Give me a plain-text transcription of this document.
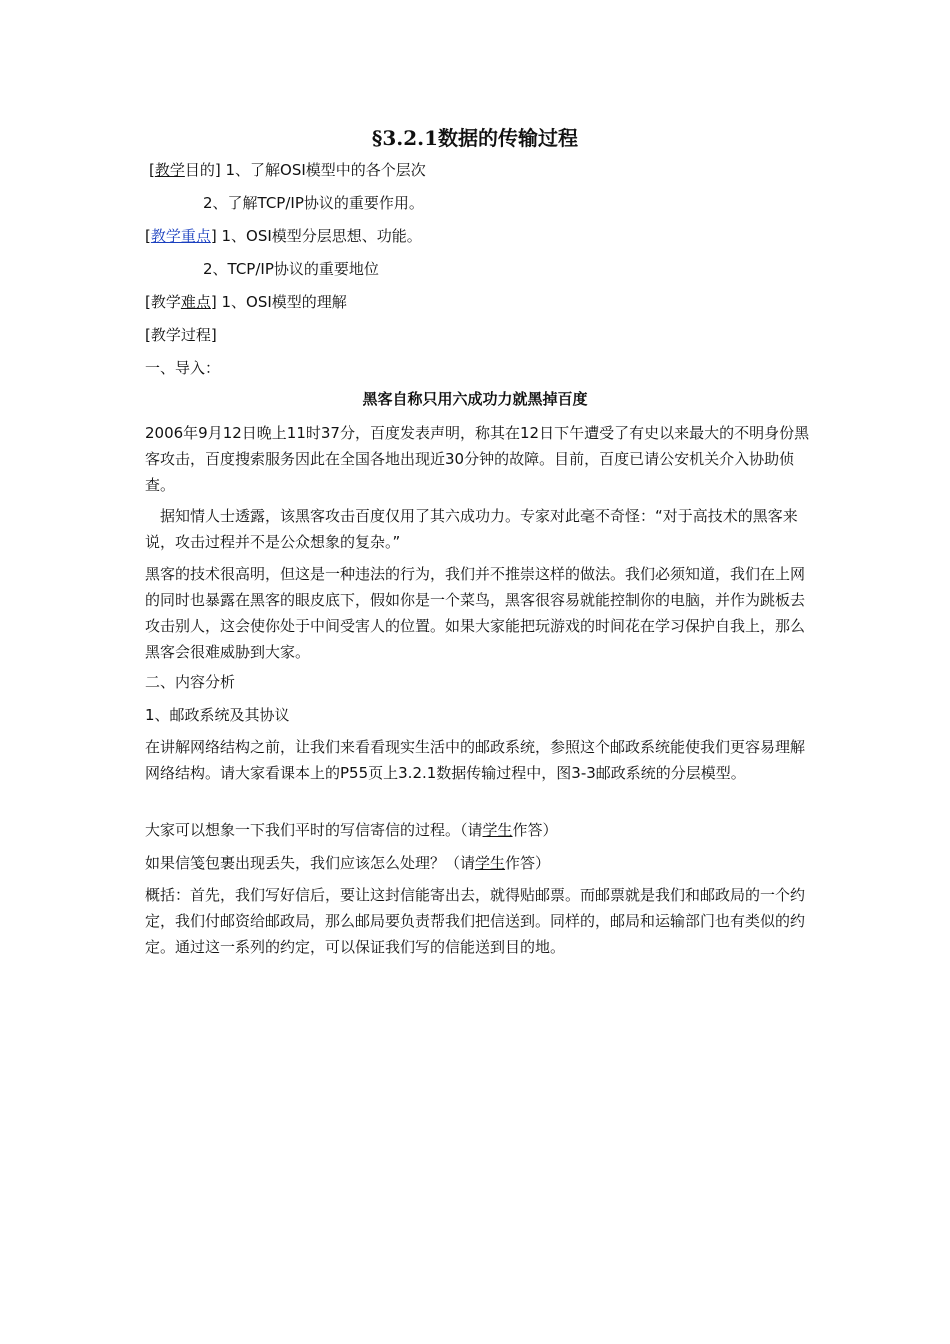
§3.2.1数据的传输过程
[教学目的] 1、了解OSI模型中的各个层次
2、了解TCP/IP协议的重要作用。
[教学重点] 1、OSI模型分层思想、功能。
2、TCP/IP协议的重要地位
[教学难点] 1、OSI模型的理解
[教学过程]
一、导入：
黑客自称只用六成功力就黑掉百度
2006年9月12日晚上11时37分，百度发表声明，称其在12日下午遭受了有史以来最大的不明身份黑客攻击，百度搜索服务因此在全国各地出现近30分钟的故障。目前，百度已请公安机关介入协助侦查。
　据知情人士透露，该黑客攻击百度仅用了其六成功力。专家对此毫不奇怪：“对于高技术的黑客来说，攻击过程并不是公众想象的复杂。”
黑客的技术很高明，但这是一种违法的行为，我们并不推崇这样的做法。我们必须知道，我们在上网的同时也暴露在黑客的眼皮底下，假如你是一个菜鸟，黑客很容易就能控制你的电脑，并作为跳板去攻击别人，这会使你处于中间受害人的位置。如果大家能把玩游戏的时间花在学习保护自我上，那么黑客会很难威胁到大家。
二、内容分析
1、邮政系统及其协议
在讲解网络结构之前，让我们来看看现实生活中的邮政系统，参照这个邮政系统能使我们更容易理解网络结构。请大家看课本上的P55页上3.2.1数据传输过程中，图3-3邮政系统的分层模型。
大家可以想象一下我们平时的写信寄信的过程。（请学生作答）
如果信笺包裹出现丢失，我们应该怎么处理？（请学生作答）
概括：首先，我们写好信后，要让这封信能寄出去，就得贴邮票。而邮票就是我们和邮政局的一个约定，我们付邮资给邮政局，那么邮局要负责帮我们把信送到。同样的，邮局和运输部门也有类似的约定。通过这一系列的约定，可以保证我们写的信能送到目的地。
